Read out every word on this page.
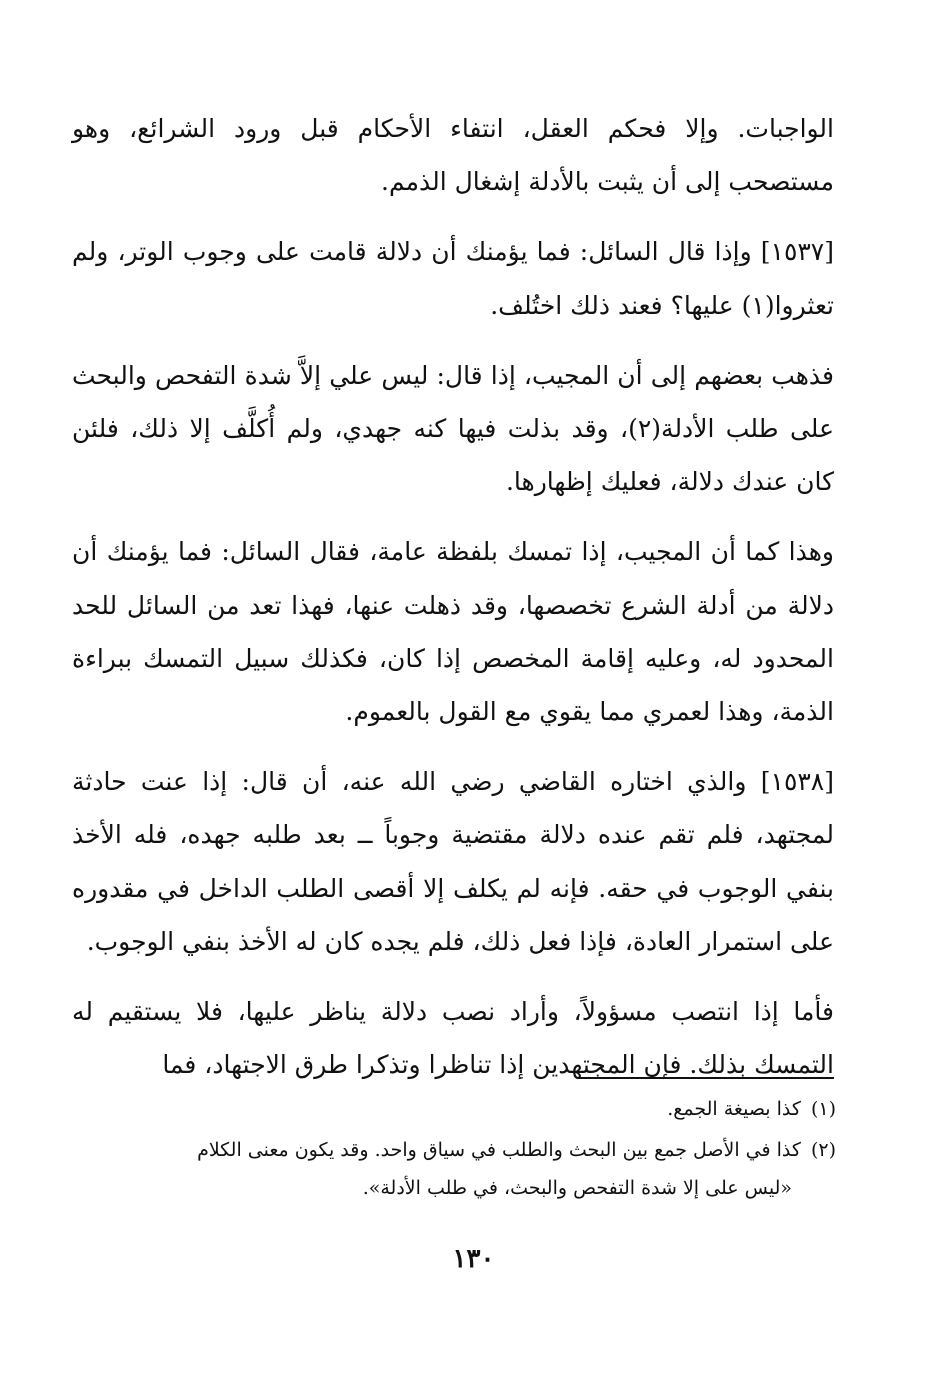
الواجبات. وإلا فحكم العقل، انتفاء الأحكام قبل ورود الشرائع، وهو مستصحب إلى أن يثبت بالأدلة إشغال الذمم.

[١٥٣٧] وإذا قال السائل: فما يؤمنك أن دلالة قامت على وجوب الوتر، ولم تعثروا(١) عليها؟ فعند ذلك اختُلف.

فذهب بعضهم إلى أن المجيب، إذا قال: ليس علي إلاَّ شدة التفحص والبحث على طلب الأدلة(٢)، وقد بذلت فيها كنه جهدي، ولم أُكلَّف إلا ذلك، فلئن كان عندك دلالة، فعليك إظهارها.

وهذا كما أن المجيب، إذا تمسك بلفظة عامة، فقال السائل: فما يؤمنك أن دلالة من أدلة الشرع تخصصها، وقد ذهلت عنها، فهذا تعد من السائل للحد المحدود له، وعليه إقامة المخصص إذا كان، فكذلك سبيل التمسك ببراءة الذمة، وهذا لعمري مما يقوي مع القول بالعموم.

[١٥٣٨] والذي اختاره القاضي رضي الله عنه، أن قال: إذا عنت حادثة لمجتهد، فلم تقم عنده دلالة مقتضية وجوباً ــ بعد طلبه جهده، فله الأخذ بنفي الوجوب في حقه. فإنه لم يكلف إلا أقصى الطلب الداخل في مقدوره على استمرار العادة، فإذا فعل ذلك، فلم يجده كان له الأخذ بنفي الوجوب.

فأما إذا انتصب مسؤولاً، وأراد نصب دلالة يناظر عليها، فلا يستقيم له التمسك بذلك. فإن المجتهدين إذا تناظرا وتذكرا طرق الاجتهاد، فما

(١)كذا بصيغة الجمع.

(٢)كذا في الأصل جمع بين البحث والطلب في سياق واحد. وقد يكون معنى الكلام
«ليس على إلا شدة التفحص والبحث، في طلب الأدلة».

١٣٠
